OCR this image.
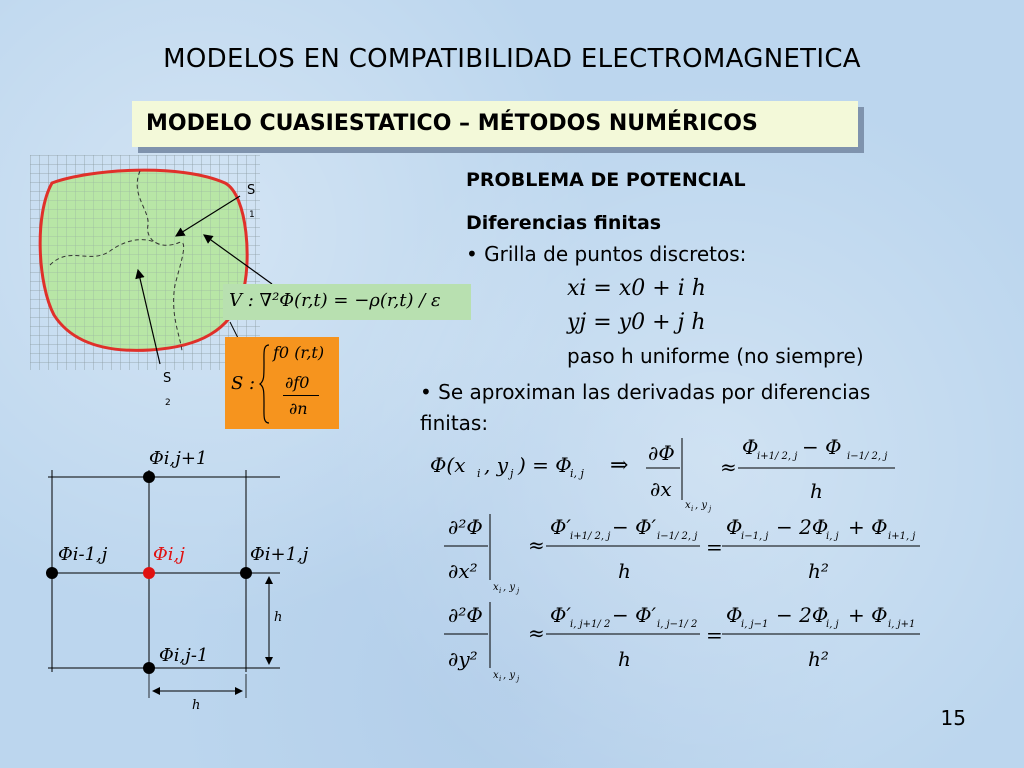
MODELOS EN COMPATIBILIDAD ELECTROMAGNETICA
MODELO CUASIESTATICO – MÉTODOS NUMÉRICOS
S
1
S
2
V : ∇²Φ(r,t) = −ρ(r,t) / ε
S :
f0 (r,t)
∂f0
∂n
Φi,j+1
Φi-1,j	Φi,j	Φi+1,j
Φi,j-1
h
h
PROBLEMA DE POTENCIAL
Diferencias finitas
• Grilla de puntos discretos:
xi = x0 + i h
yj = y0 + j h
paso h uniforme (no siempre)
• Se aproximan las derivadas por diferencias
finitas:
Φ(x i , y j ) = Φ
i, j ⇒ ∂Φ
∂x
x i , y j
≈
Φ
i+1/ 2, j − Φ i−1/ 2, j
h
∂²Φ
∂x²
x i , y j
≈
Φ′ i+1/ 2, j − Φ′ i−1/ 2, j
h
=
Φ
i−1, j − 2Φ
i, j + Φ i+1, j
h²
∂²Φ
∂y²
x i , y j
≈
Φ′ i, j+1/ 2 − Φ′ i, j−1/ 2
h
=
Φ
i, j−1 − 2Φ
i, j + Φ i, j+1
h²
15
